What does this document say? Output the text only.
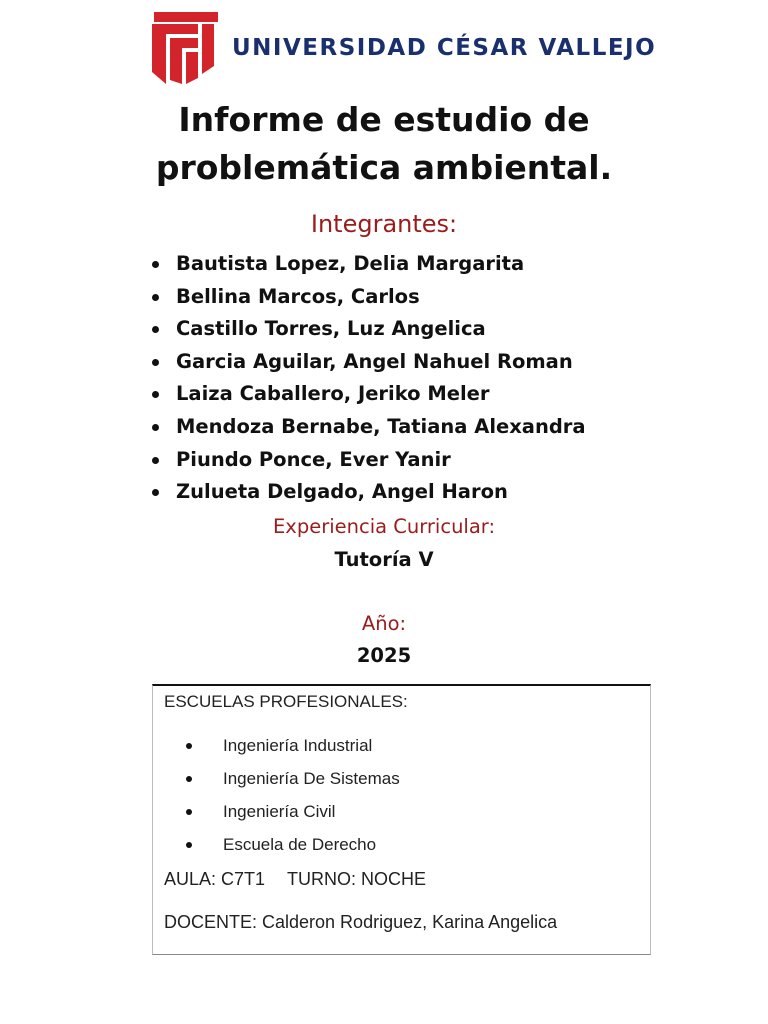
UNIVERSIDAD CÉSAR VALLEJO
Informe de estudio de
problemática ambiental.
Integrantes:
Bautista Lopez, Delia Margarita
Bellina Marcos, Carlos
Castillo Torres, Luz Angelica
Garcia Aguilar, Angel Nahuel Roman
Laiza Caballero, Jeriko Meler
Mendoza Bernabe, Tatiana Alexandra
Piundo Ponce, Ever Yanir
Zulueta Delgado, Angel Haron
Experiencia Curricular:
Tutoría V
Año:
2025
ESCUELAS PROFESIONALES:
Ingeniería Industrial
Ingeniería De Sistemas
Ingeniería Civil
Escuela de Derecho
AULA: C7T1 TURNO: NOCHE
DOCENTE: Calderon Rodriguez, Karina Angelica
